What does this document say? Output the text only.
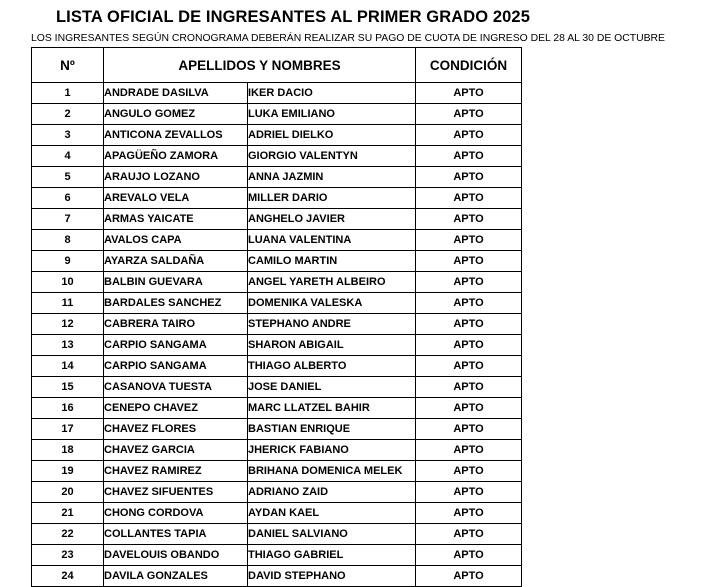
LISTA OFICIAL DE INGRESANTES AL PRIMER GRADO 2025
LOS INGRESANTES SEGÚN CRONOGRAMA DEBERÁN REALIZAR SU PAGO DE CUOTA DE INGRESO DEL 28 AL 30 DE OCTUBRE
Nº	APELLIDOS Y NOMBRES		CONDICIÓN
1	ANDRADE DASILVA	IKER DACIO	APTO
2	ANGULO GOMEZ	LUKA EMILIANO	APTO
3	ANTICONA ZEVALLOS	ADRIEL DIELKO	APTO
4	APAGÜEÑO ZAMORA	GIORGIO VALENTYN	APTO
5	ARAUJO LOZANO	ANNA JAZMIN	APTO
6	AREVALO VELA	MILLER DARIO	APTO
7	ARMAS YAICATE	ANGHELO JAVIER	APTO
8	AVALOS CAPA	LUANA VALENTINA	APTO
9	AYARZA SALDAÑA	CAMILO MARTIN	APTO
10	BALBIN GUEVARA	ANGEL YARETH ALBEIRO	APTO
11	BARDALES SANCHEZ	DOMENIKA VALESKA	APTO
12	CABRERA TAIRO	STEPHANO ANDRE	APTO
13	CARPIO SANGAMA	SHARON ABIGAIL	APTO
14	CARPIO SANGAMA	THIAGO ALBERTO	APTO
15	CASANOVA TUESTA	JOSE DANIEL	APTO
16	CENEPO CHAVEZ	MARC LLATZEL BAHIR	APTO
17	CHAVEZ FLORES	BASTIAN ENRIQUE	APTO
18	CHAVEZ GARCIA	JHERICK FABIANO	APTO
19	CHAVEZ RAMIREZ	BRIHANA DOMENICA MELEK	APTO
20	CHAVEZ SIFUENTES	ADRIANO ZAID	APTO
21	CHONG CORDOVA	AYDAN KAEL	APTO
22	COLLANTES TAPIA	DANIEL SALVIANO	APTO
23	DAVELOUIS OBANDO	THIAGO GABRIEL	APTO
24	DAVILA GONZALES	DAVID STEPHANO	APTO
